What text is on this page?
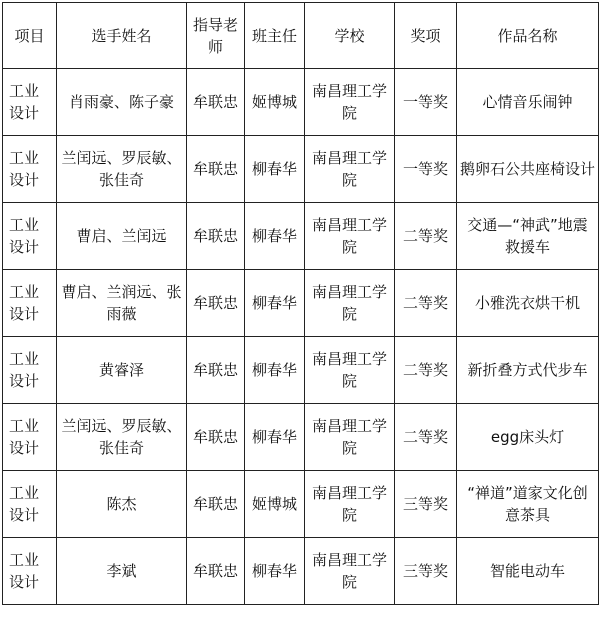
项目	选手姓名	指导老师	班主任	学校	奖项	作品名称
工业设计	肖雨豪、陈子豪	牟联忠	姬博城	南昌理工学院	一等奖	心情音乐闹钟
工业设计	兰闰远、罗辰敏、张佳奇	牟联忠	柳春华	南昌理工学院	一等奖	鹅卵石公共座椅设计
工业设计	曹启、兰闰远	牟联忠	柳春华	南昌理工学院	二等奖	交通—“神武”地震救援车
工业设计	曹启、兰润远、张雨薇	牟联忠	柳春华	南昌理工学院	二等奖	小雅洗衣烘干机
工业设计	黄睿泽	牟联忠	柳春华	南昌理工学院	二等奖	新折叠方式代步车
工业设计	兰闰远、罗辰敏、张佳奇	牟联忠	柳春华	南昌理工学院	二等奖	egg床头灯
工业设计	陈杰	牟联忠	姬博城	南昌理工学院	三等奖	“禅道”道家文化创意茶具
工业设计	李斌	牟联忠	柳春华	南昌理工学院	三等奖	智能电动车
